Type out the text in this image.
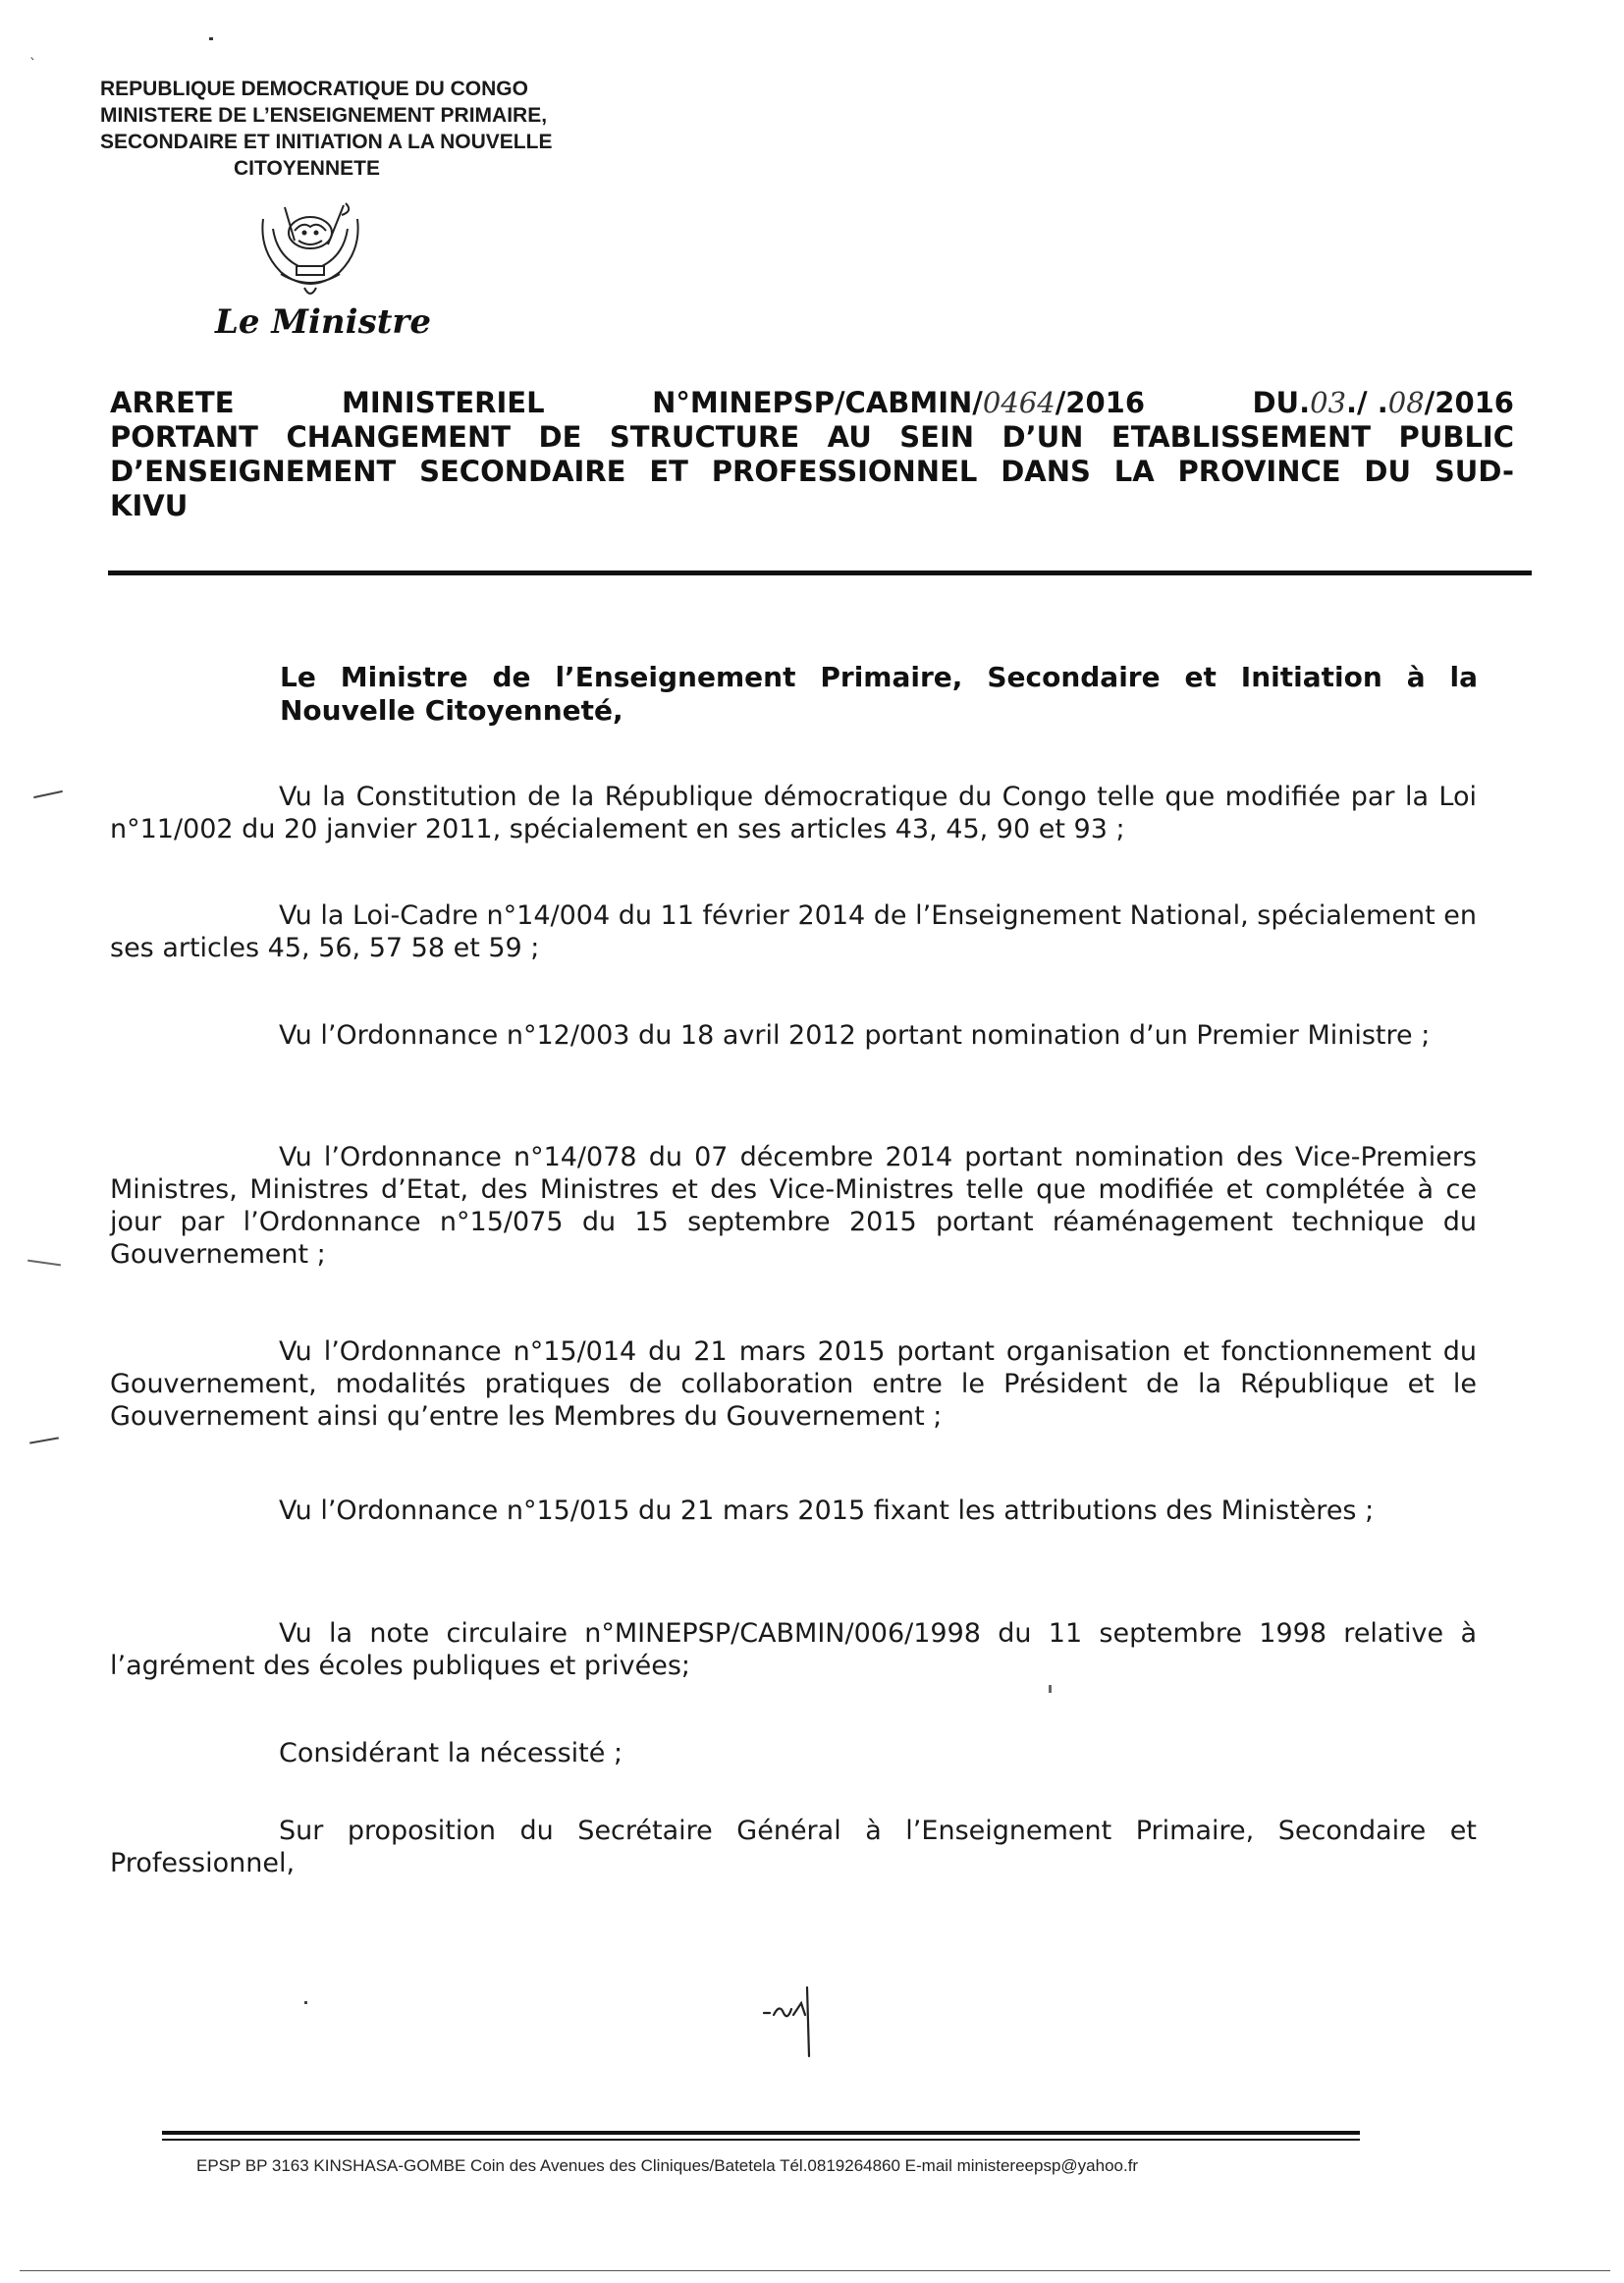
`
REPUBLIQUE DEMOCRATIQUE DU CONGO
MINISTERE DE L’ENSEIGNEMENT PRIMAIRE,
SECONDAIRE ET INITIATION A LA NOUVELLE
CITOYENNETE
Le Ministre
ARRETE	MINISTERIEL	N°MINEPSP/CABMIN/0464/2016	DU.03./ .08/2016
PORTANT CHANGEMENT DE STRUCTURE AU SEIN D’UN ETABLISSEMENT PUBLIC
D’ENSEIGNEMENT SECONDAIRE ET PROFESSIONNEL DANS LA PROVINCE DU SUD-
KIVU
Le Ministre de l’Enseignement Primaire, Secondaire et Initiation à la Nouvelle Citoyenneté,

Vu la Constitution de la République démocratique du Congo telle que modifiée par la Loi n°11/002 du 20 janvier 2011, spécialement en ses articles 43, 45, 90 et 93 ;

Vu la Loi-Cadre n°14/004 du 11 février 2014 de l’Enseignement National, spécialement en ses articles 45, 56, 57 58 et 59 ;

Vu l’Ordonnance n°12/003 du 18 avril 2012 portant nomination d’un Premier Ministre ;

Vu l’Ordonnance n°14/078 du 07 décembre 2014 portant nomination des Vice-Premiers Ministres, Ministres d’Etat, des Ministres et des Vice-Ministres telle que modifiée et complétée à ce jour par l’Ordonnance n°15/075 du 15 septembre 2015 portant réaménagement technique du Gouvernement ;

Vu l’Ordonnance n°15/014 du 21 mars 2015 portant organisation et fonctionnement du Gouvernement, modalités pratiques de collaboration entre le Président de la République et le Gouvernement ainsi qu’entre les Membres du Gouvernement ;

Vu l’Ordonnance n°15/015 du 21 mars 2015 fixant les attributions des Ministères ;

Vu la note circulaire n°MINEPSP/CABMIN/006/1998 du 11 septembre 1998 relative à l’agrément des écoles publiques et privées;

Considérant la nécessité ;

Sur proposition du Secrétaire Général à l’Enseignement Primaire, Secondaire et Professionnel,

EPSP BP 3163 KINSHASA-GOMBE Coin des Avenues des Cliniques/Batetela Tél.0819264860 E-mail ministereepsp@yahoo.fr
